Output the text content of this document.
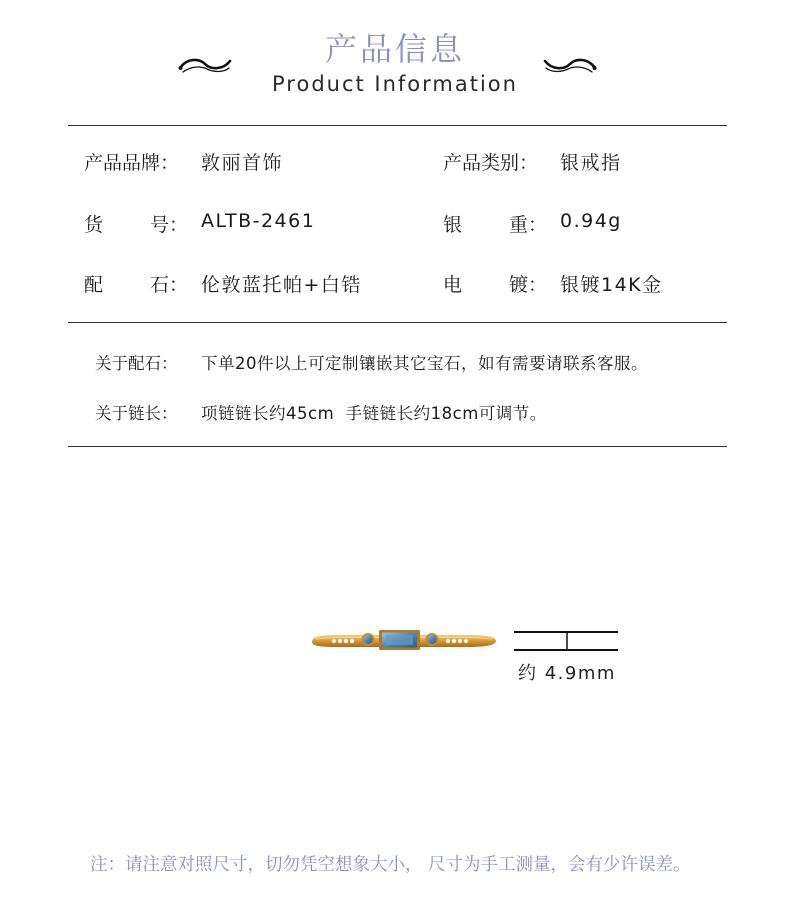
产品信息
Product Information
产品品牌： 敦丽首饰	产品类别： 银戒指
货 号： ALTB-2461	银 重： 0.94g
配 石： 伦敦蓝托帕+白锆	电 镀： 银镀14K金
关于配石： 下单20件以上可定制镶嵌其它宝石，如有需要请联系客服。
关于链长： 项链链长约45cm  手链链长约18cm可调节。
约 4.9mm
注：请注意对照尺寸，切勿凭空想象大小， 尺寸为手工测量，会有少许误差。
